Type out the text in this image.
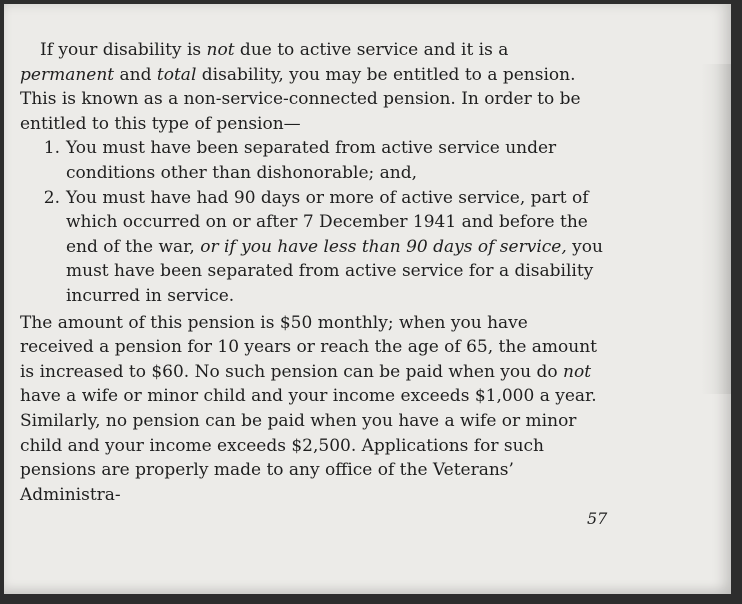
If your disability is not due to active service and it is a permanent and total disability, you may be entitled to a pension. This is known as a non-service-connected pension. In order to be entitled to this type of pension—

1. You must have been separated from active service under conditions other than dishonorable; and,
2. You must have had 90 days or more of active service, part of which occurred on or after 7 December 1941 and before the end of the war, or if you have less than 90 days of service, you must have been separated from active service for a disability incurred in service.

The amount of this pension is $50 monthly; when you have received a pension for 10 years or reach the age of 65, the amount is increased to $60. No such pension can be paid when you do not have a wife or minor child and your income exceeds $1,000 a year. Similarly, no pension can be paid when you have a wife or minor child and your income exceeds $2,500. Applications for such pensions are properly made to any office of the Veterans’ Administra-

57
